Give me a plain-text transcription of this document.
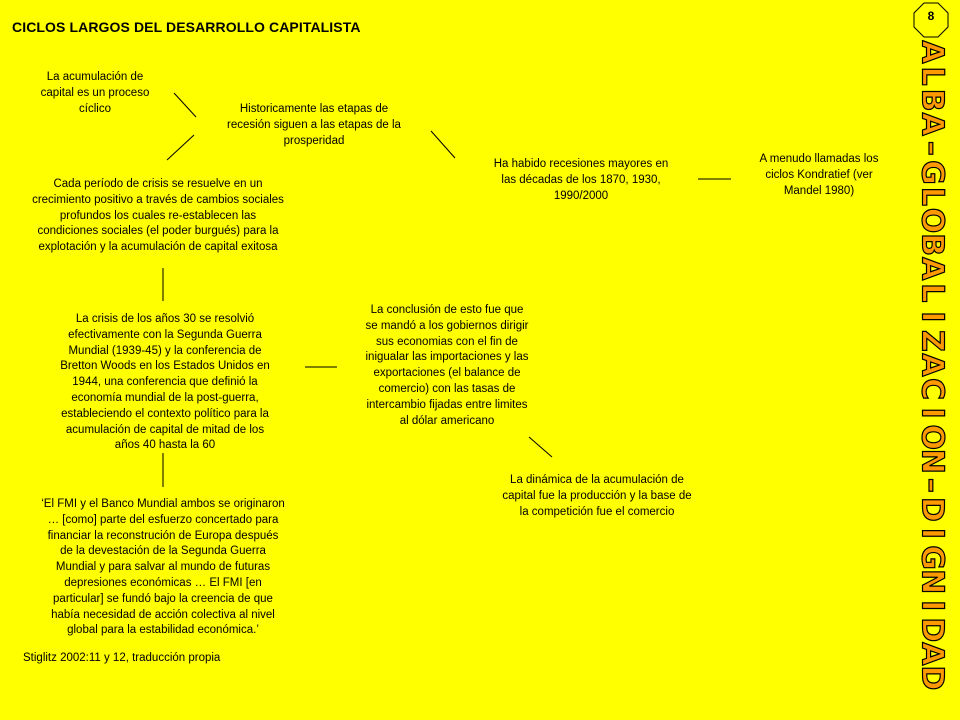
CICLOS LARGOS DEL DESARROLLO CAPITALISTA
8
La acumulación de
capital es un proceso
cíclico	Historicamente las etapas de
recesión siguen a las etapas de la
prosperidad
Ha habido recesiones mayores en
las décadas de los 1870, 1930,
1990/2000
A menudo llamadas los
ciclos Kondratief (ver
Mandel 1980)
Cada período de crisis se resuelve en un
crecimiento positivo a través de cambios sociales
profundos los cuales re-establecen las
condiciones sociales (el poder burgués) para la
explotación y la acumulación de capital exitosa
La crisis de los años 30 se resolvió
efectivamente con la Segunda Guerra
Mundial (1939-45) y la conferencia de
Bretton Woods en los Estados Unidos en
1944, una conferencia que definió la
economía mundial de la post-guerra,
estableciendo el contexto político para la
acumulación de capital de mitad de los
años 40 hasta la 60
La conclusión de esto fue que
se mandó a los gobiernos dirigir
sus economias con el fin de
inigualar las importaciones y las
exportaciones (el balance de
comercio) con las tasas de
intercambio fijadas entre limites
al dólar americano
La dinámica de la acumulación de
capital fue la producción y la base de
la competición fue el comercio
‘El FMI y el Banco Mundial ambos se originaron
… [como] parte del esfuerzo concertado para
financiar la reconstrución de Europa después
de la devestación de la Segunda Guerra
Mundial y para salvar al mundo de futuras
depresiones económicas … El FMI [en
particular] se fundó bajo la creencia de que
había necesidad de acción colectiva al nivel
global para la estabilidad económica.’
Stiglitz 2002:11 y 12, traducción propia
A
L
B
A
–
G
L
O
B
A
L
I
Z
A
C
I
O
N
–
D
I
G
N
I
D
A
D
